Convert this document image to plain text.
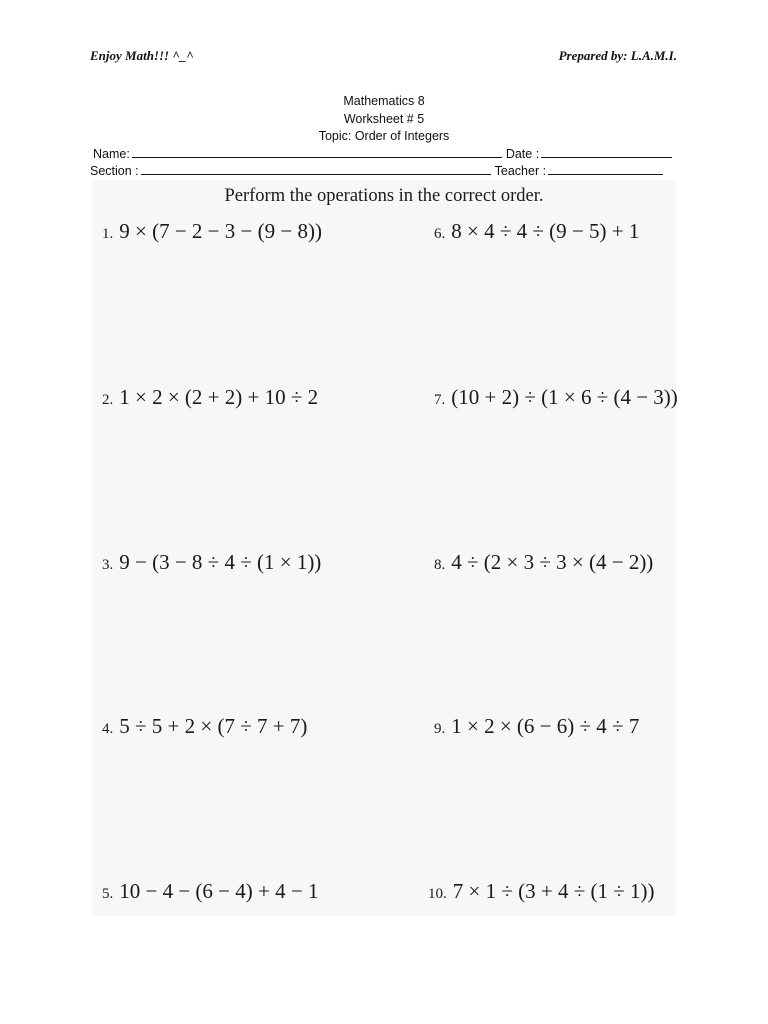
Enjoy Math!!! ^_^	Prepared by: L.A.M.I.
Mathematics 8
Worksheet # 5
Topic: Order of Integers
Name:	Date :
Section :	Teacher :
Perform the operations in the correct order.
1. 9 × (7 − 2 − 3 − (9 − 8))
2. 1 × 2 × (2 + 2) + 10 ÷ 2
3. 9 − (3 − 8 ÷ 4 ÷ (1 × 1))
4. 5 ÷ 5 + 2 × (7 ÷ 7 + 7)
5. 10 − 4 − (6 − 4) + 4 − 1
6. 8 × 4 ÷ 4 ÷ (9 − 5) + 1
7. (10 + 2) ÷ (1 × 6 ÷ (4 − 3))
8. 4 ÷ (2 × 3 ÷ 3 × (4 − 2))
9. 1 × 2 × (6 − 6) ÷ 4 ÷ 7
10. 7 × 1 ÷ (3 + 4 ÷ (1 ÷ 1))
